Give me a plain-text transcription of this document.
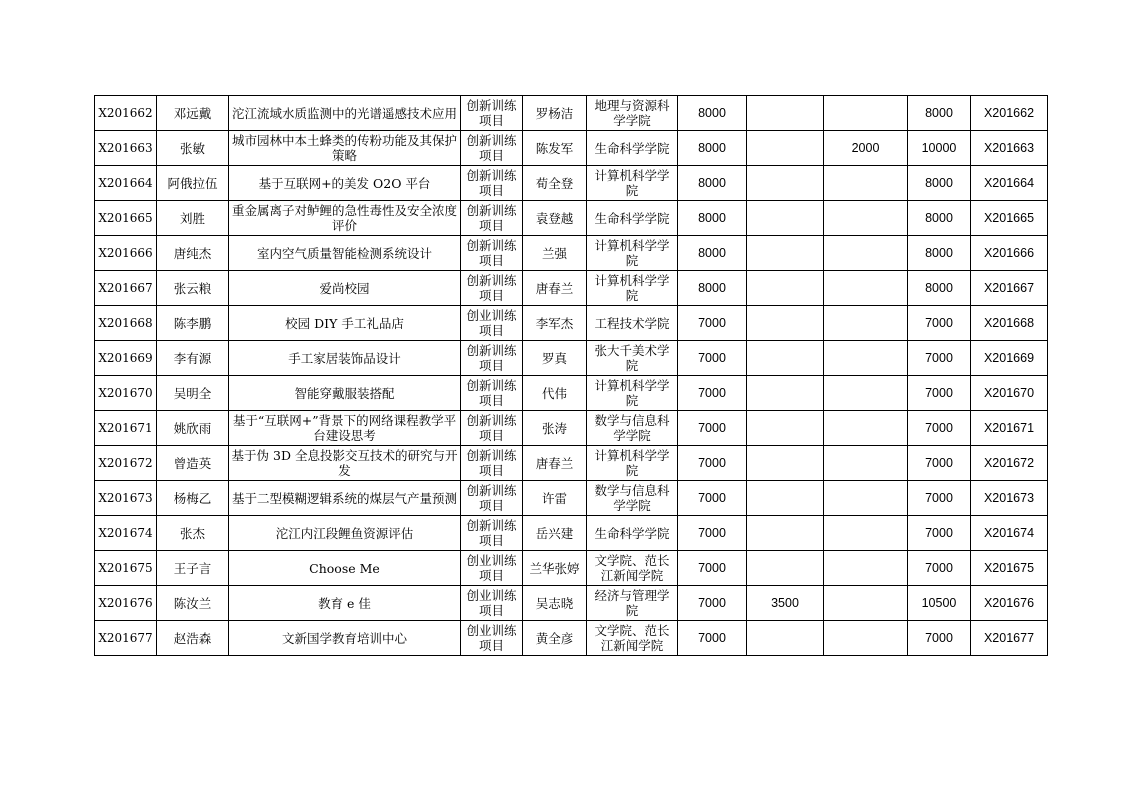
X201662	邓远戴	沱江流域水质监测中的光谱遥感技术应用	创新训练项目	罗杨洁	地理与资源科学学院	8000			8000	X201662
X201663	张敏	城市园林中本土蜂类的传粉功能及其保护策略	创新训练项目	陈发军	生命科学学院	8000		2000	10000	X201663
X201664	阿俄拉伍	基于互联网+的美发 O2O 平台	创新训练项目	荀全登	计算机科学学院	8000			8000	X201664
X201665	刘胜	重金属离子对鲈鲤的急性毒性及安全浓度评价	创新训练项目	袁登越	生命科学学院	8000			8000	X201665
X201666	唐纯杰	室内空气质量智能检测系统设计	创新训练项目	兰强	计算机科学学院	8000			8000	X201666
X201667	张云粮	爱尚校园	创新训练项目	唐春兰	计算机科学学院	8000			8000	X201667
X201668	陈李鹏	校园 DIY 手工礼品店	创业训练项目	李军杰	工程技术学院	7000			7000	X201668
X201669	李有源	手工家居装饰品设计	创新训练项目	罗真	张大千美术学院	7000			7000	X201669
X201670	吴明全	智能穿戴服装搭配	创新训练项目	代伟	计算机科学学院	7000			7000	X201670
X201671	姚欣雨	基于“互联网+”背景下的网络课程教学平台建设思考	创新训练项目	张涛	数学与信息科学学院	7000			7000	X201671
X201672	曾造英	基于伪 3D 全息投影交互技术的研究与开发	创新训练项目	唐春兰	计算机科学学院	7000			7000	X201672
X201673	杨梅乙	基于二型模糊逻辑系统的煤层气产量预测	创新训练项目	许雷	数学与信息科学学院	7000			7000	X201673
X201674	张杰	沱江内江段鲤鱼资源评估	创新训练项目	岳兴建	生命科学学院	7000			7000	X201674
X201675	王子言	Choose Me	创业训练项目	兰华张婷	文学院、范长江新闻学院	7000			7000	X201675
X201676	陈汝兰	教育 e 佳	创业训练项目	吴志晓	经济与管理学院	7000	3500		10500	X201676
X201677	赵浩森	文新国学教育培训中心	创业训练项目	黄全彦	文学院、范长江新闻学院	7000			7000	X201677
